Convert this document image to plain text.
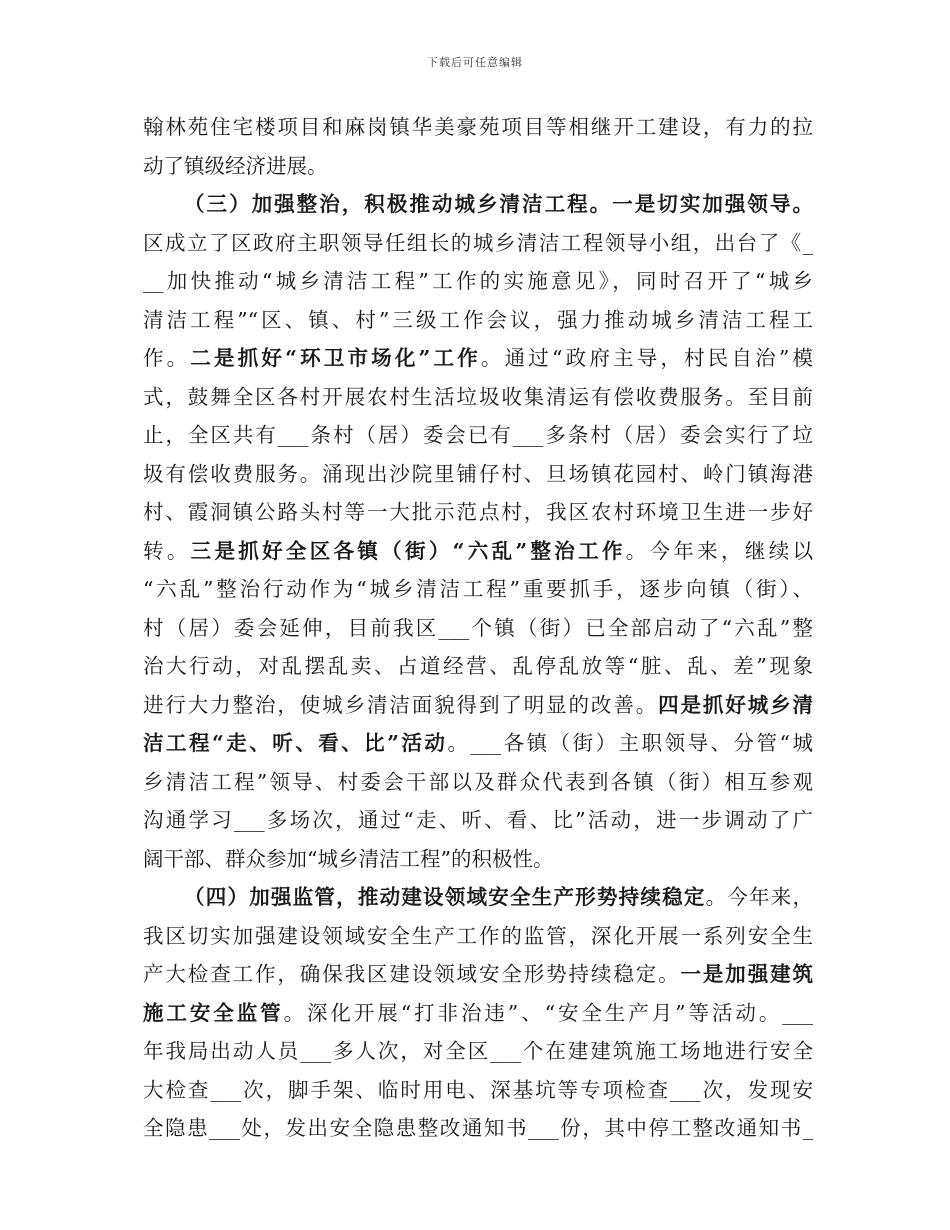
下载后可任意编辑
翰林苑住宅楼项目和麻岗镇华美豪苑项目等相继开工建设，有力的拉
动了镇级经济进展。
（三）加强整治，积极推动城乡清洁工程。一是切实加强领导。
区成立了区政府主职领导任组长的城乡清洁工程领导小组，出台了《_
__加快推动“城乡清洁工程”工作的实施意见》，同时召开了“城乡
清洁工程”“区、镇、村”三级工作会议，强力推动城乡清洁工程工
作。二是抓好“环卫市场化”工作。通过“政府主导，村民自治”模
式，鼓舞全区各村开展农村生活垃圾收集清运有偿收费服务。至目前
止，全区共有___条村（居）委会已有___多条村（居）委会实行了垃
圾有偿收费服务。涌现出沙院里铺仔村、旦场镇花园村、岭门镇海港
村、霞洞镇公路头村等一大批示范点村，我区农村环境卫生进一步好
转。三是抓好全区各镇（街）“六乱”整治工作。今年来，继续以
“六乱”整治行动作为“城乡清洁工程”重要抓手，逐步向镇（街）、
村（居）委会延伸，目前我区___个镇（街）已全部启动了“六乱”整
治大行动，对乱摆乱卖、占道经营、乱停乱放等“脏、乱、差”现象
进行大力整治，使城乡清洁面貌得到了明显的改善。四是抓好城乡清
洁工程“走、听、看、比”活动。___各镇（街）主职领导、分管“城
乡清洁工程”领导、村委会干部以及群众代表到各镇（街）相互参观
沟通学习___多场次，通过“走、听、看、比”活动，进一步调动了广
阔干部、群众参加“城乡清洁工程”的积极性。
（四）加强监管，推动建设领域安全生产形势持续稳定。今年来，
我区切实加强建设领域安全生产工作的监管，深化开展一系列安全生
产大检查工作，确保我区建设领域安全形势持续稳定。一是加强建筑
施工安全监管。深化开展“打非治违”、“安全生产月”等活动。___
年我局出动人员___多人次，对全区___个在建建筑施工场地进行安全
大检查___次，脚手架、临时用电、深基坑等专项检查___次，发现安
全隐患___处，发出安全隐患整改通知书___份，其中停工整改通知书_
